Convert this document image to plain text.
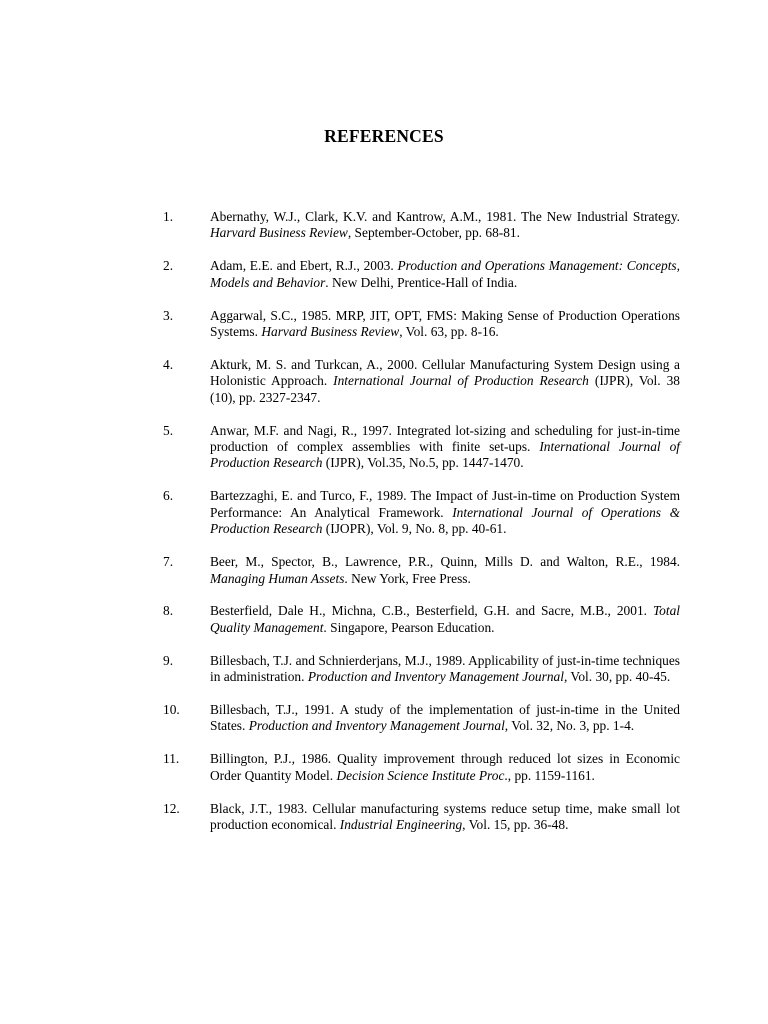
REFERENCES
1.	Abernathy, W.J., Clark, K.V. and Kantrow, A.M., 1981. The New Industrial Strategy. Harvard Business Review, September-October, pp. 68-81.
2.	Adam, E.E. and Ebert, R.J., 2003. Production and Operations Management: Concepts, Models and Behavior. New Delhi, Prentice-Hall of India.
3.	Aggarwal, S.C., 1985. MRP, JIT, OPT, FMS: Making Sense of Production Operations Systems. Harvard Business Review, Vol. 63, pp. 8-16.
4.	Akturk, M. S. and Turkcan, A., 2000. Cellular Manufacturing System Design using a Holonistic Approach. International Journal of Production Research (IJPR), Vol. 38 (10), pp. 2327-2347.
5.	Anwar, M.F. and Nagi, R., 1997. Integrated lot-sizing and scheduling for just-in-time production of complex assemblies with finite set-ups. International Journal of Production Research (IJPR), Vol.35, No.5, pp. 1447-1470.
6.	Bartezzaghi, E. and Turco, F., 1989. The Impact of Just-in-time on Production System Performance: An Analytical Framework. International Journal of Operations & Production Research (IJOPR), Vol. 9, No. 8, pp. 40-61.
7.	Beer, M., Spector, B., Lawrence, P.R., Quinn, Mills D. and Walton, R.E., 1984. Managing Human Assets. New York, Free Press.
8.	Besterfield, Dale H., Michna, C.B., Besterfield, G.H. and Sacre, M.B., 2001. Total Quality Management. Singapore, Pearson Education.
9.	Billesbach, T.J. and Schnierderjans, M.J., 1989. Applicability of just-in-time techniques in administration. Production and Inventory Management Journal, Vol. 30, pp. 40-45.
10.	Billesbach, T.J., 1991. A study of the implementation of just-in-time in the United States. Production and Inventory Management Journal, Vol. 32, No. 3, pp. 1-4.
11.	Billington, P.J., 1986. Quality improvement through reduced lot sizes in Economic Order Quantity Model. Decision Science Institute Proc., pp. 1159-1161.
12.	Black, J.T., 1983. Cellular manufacturing systems reduce setup time, make small lot production economical. Industrial Engineering, Vol. 15, pp. 36-48.
